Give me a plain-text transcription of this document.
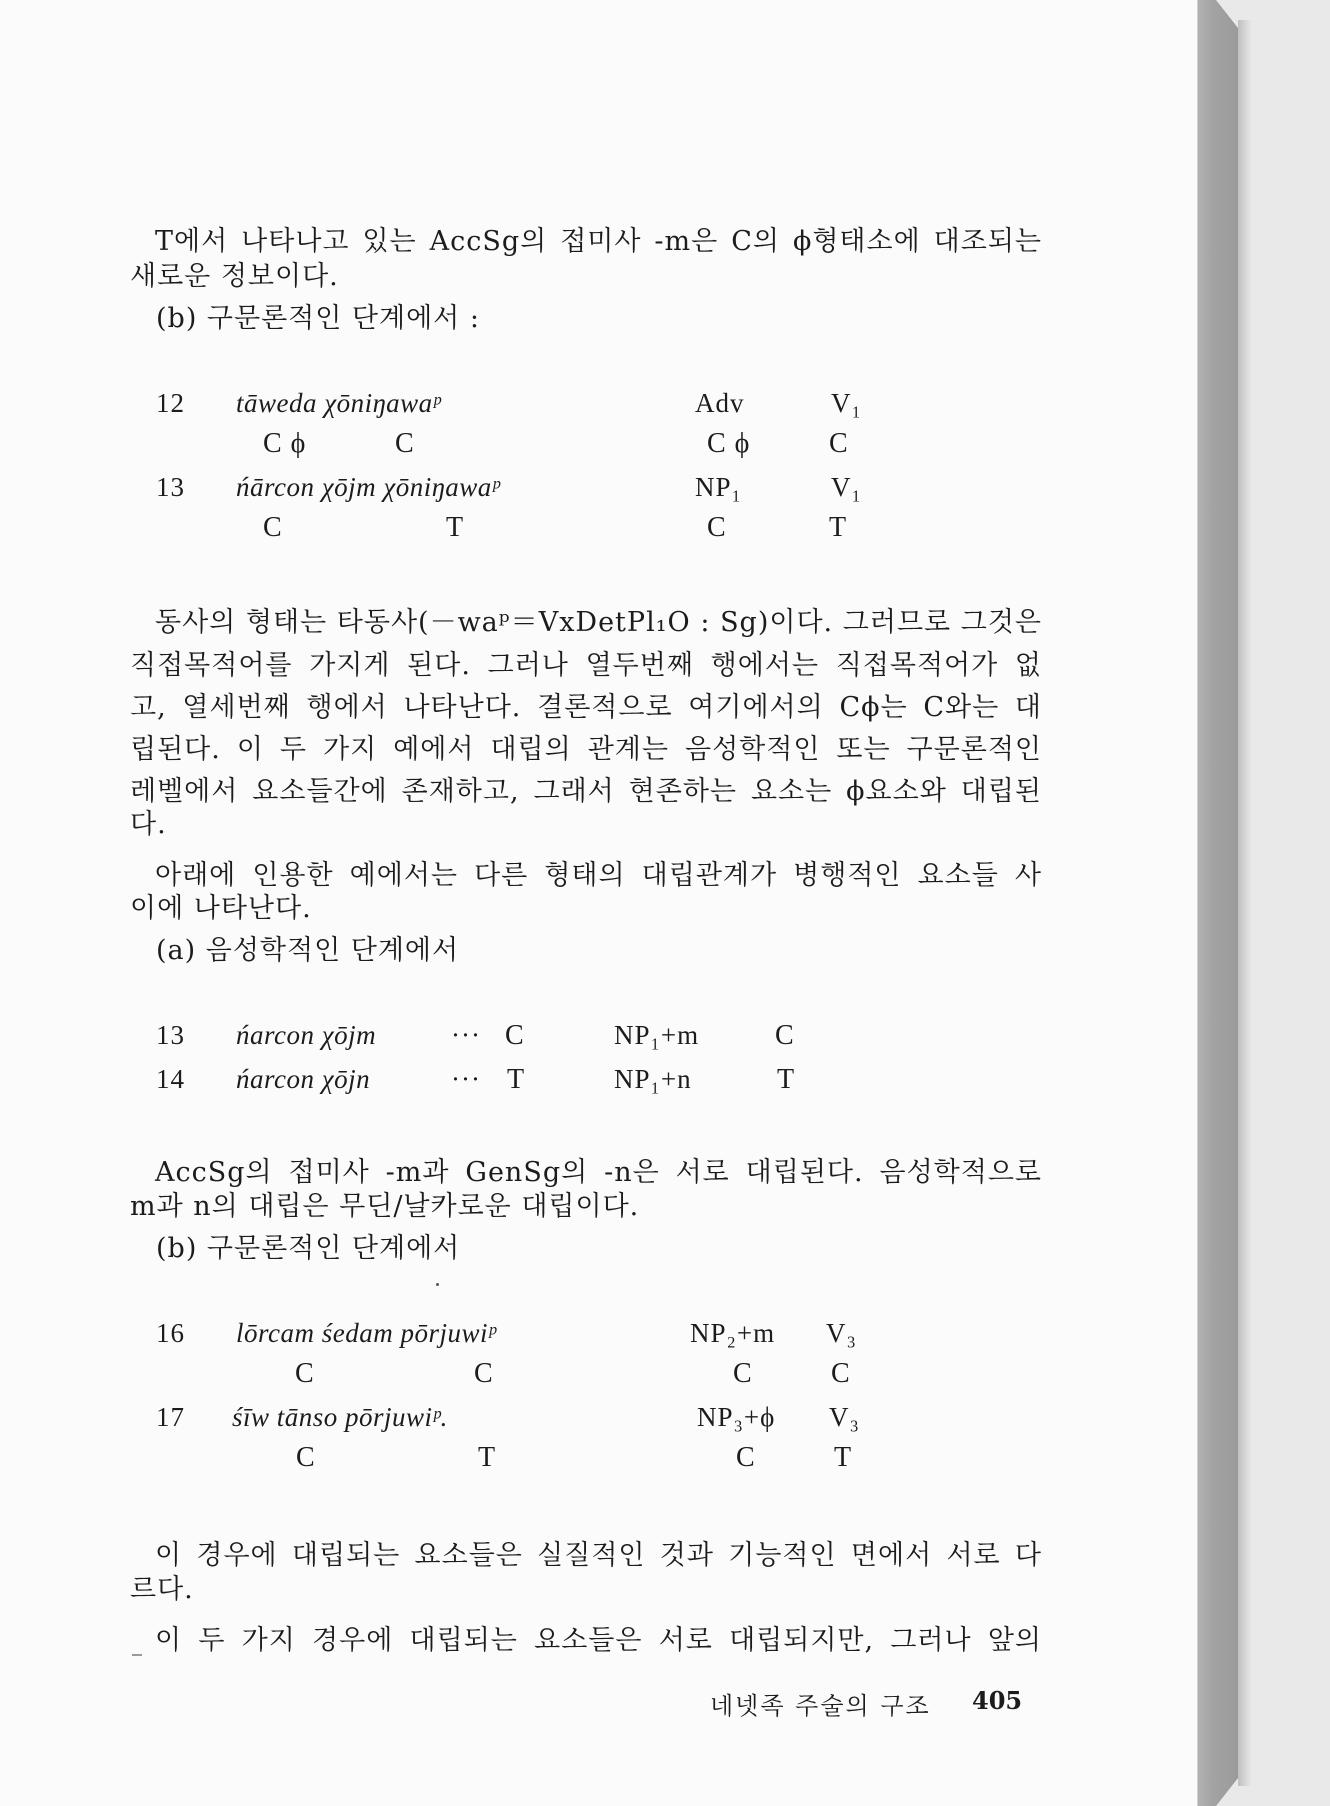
T에서 나타나고 있는 AccSg의 접미사 -m은 C의 ϕ형태소에 대조되는
새로운 정보이다.
(b) 구문론적인 단계에서 :
12 tāweda χōniŋawaᵖ	Adv	V₁
C ϕ	C	C ϕ	C
13 ńārcon χōjm χōniŋawaᵖ	NP₁	V₁
C	T	C	T
동사의 형태는 타동사(－waᵖ＝VxDetPl₁O : Sg)이다. 그러므로 그것은
직접목적어를 가지게 된다. 그러나 열두번째 행에서는 직접목적어가 없
고, 열세번째 행에서 나타난다. 결론적으로 여기에서의 Cϕ는 C와는 대
립된다. 이 두 가지 예에서 대립의 관계는 음성학적인 또는 구문론적인
레벨에서 요소들간에 존재하고, 그래서 현존하는 요소는 ϕ요소와 대립된
다.
아래에 인용한 예에서는 다른 형태의 대립관계가 병행적인 요소들 사
이에 나타난다.
(a) 음성학적인 단계에서
13 ńarcon χōjm	··· C	NP₁+m	C
14 ńarcon χōjn	··· T	NP₁+n	T
AccSg의 접미사 -m과 GenSg의 -n은 서로 대립된다. 음성학적으로
m과 n의 대립은 무딘/날카로운 대립이다.
(b) 구문론적인 단계에서
16 lōrcam śedam pōrjuwiᵖ	NP₂+m V₃
C	C	C	C
17 śīw tānso pōrjuwiᵖ.	NP₃+ϕ V₃
C	T	C	T
이 경우에 대립되는 요소들은 실질적인 것과 기능적인 면에서 서로 다
르다.
이 두 가지 경우에 대립되는 요소들은 서로 대립되지만, 그러나 앞의
네넷족 주술의 구조 405
